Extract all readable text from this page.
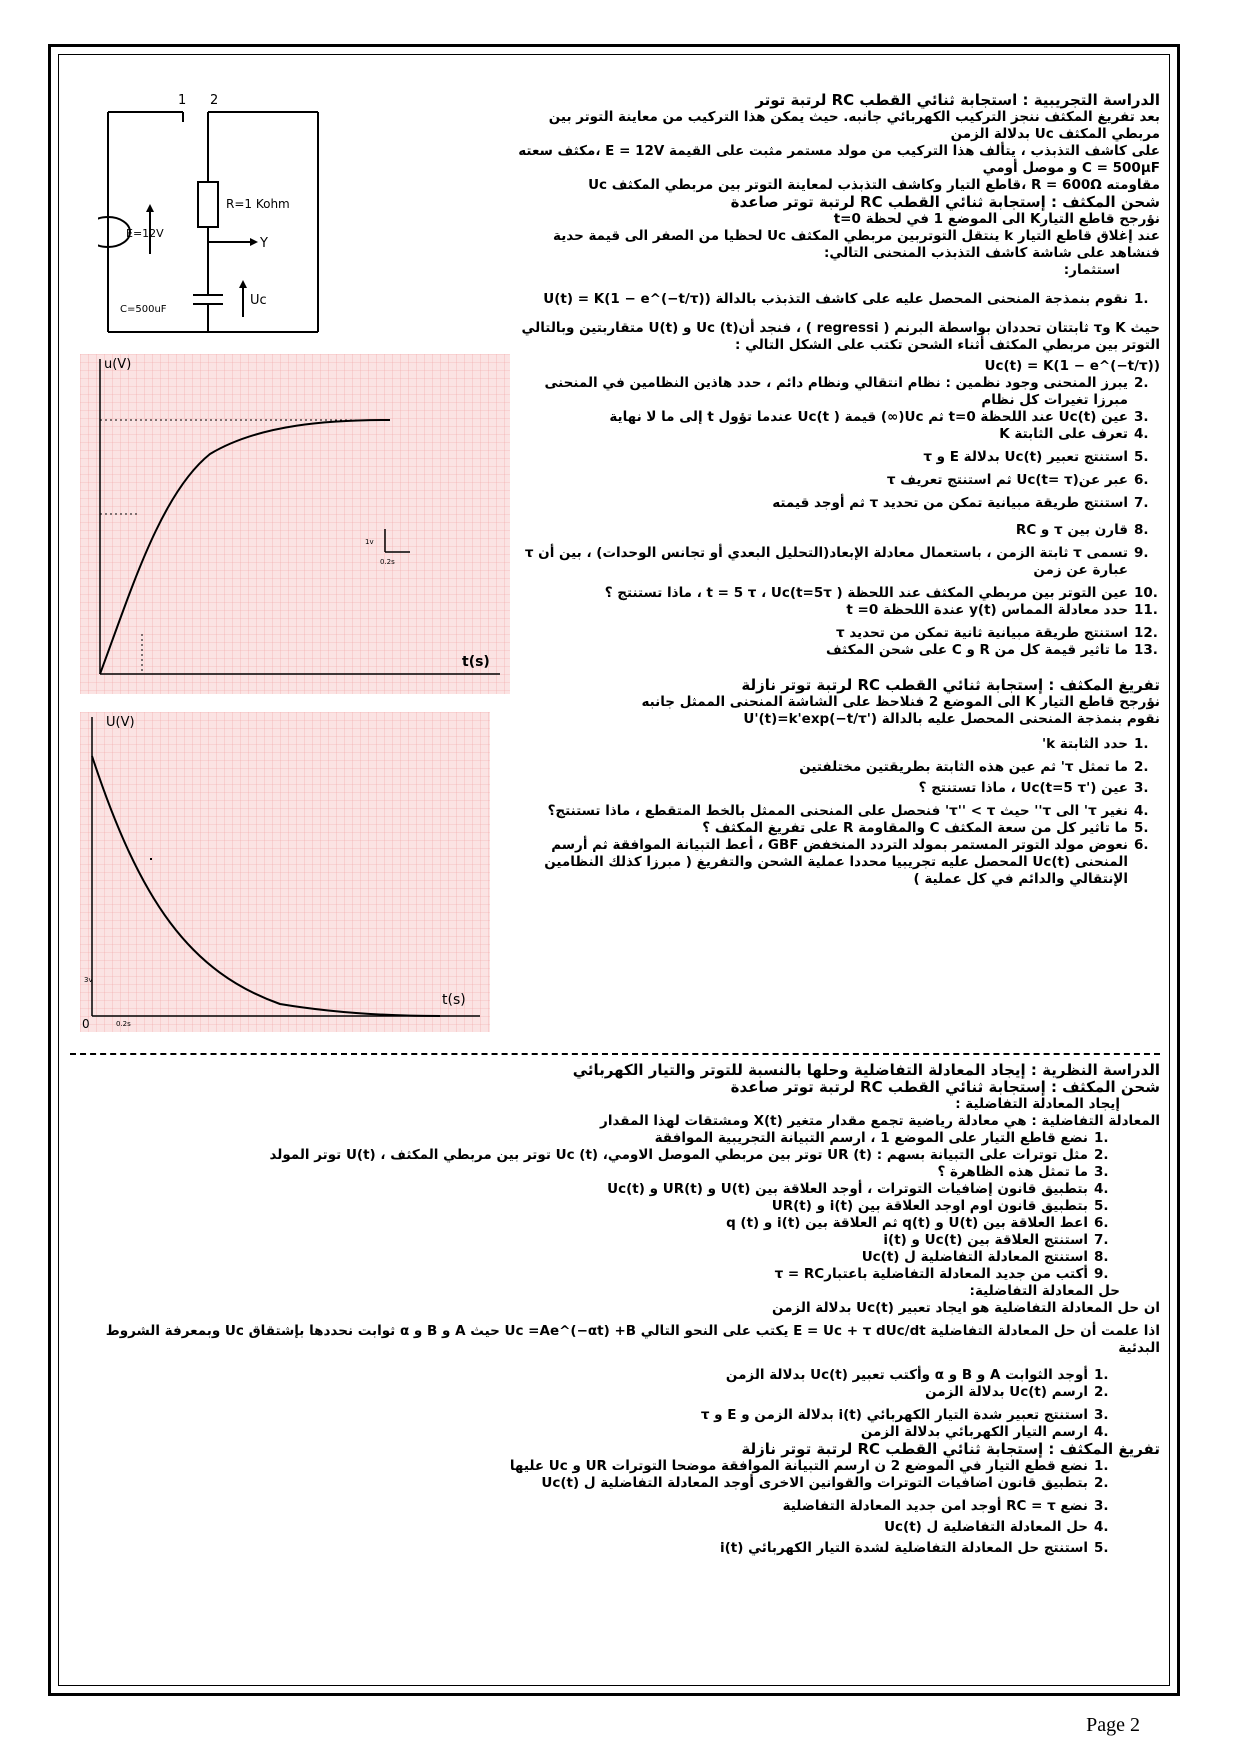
1 2
R=1 Kohm
E=12V
Y
C=500uF
Uc
u(V)
t(s)
1v
0.2s
U(V)
t(s)
0	0.2s
3v

الدراسة التجريبية : استجابة ثنائي القطب RC لرتبة توتر

بعد تفريغ المكثف ننجز التركيب الكهربائي جانبه. حيث يمكن هذا التركيب من معاينة التوتر بين مربطي المكثف Uc بدلالة الزمن

على كاشف التذبذب ، يتألف هذا التركيب من مولد مستمر مثبت على القيمة E = 12V ،مكثف سعته C = 500μF و موصل أومي

مقاومته R = 600Ω ،قاطع التيار وكاشف التذبذب لمعاينة التوتر بين مربطي المكثف Uc

شحن المكثف : إستجابة ثنائي القطب RC لرتبة توتر صاعدة

نؤرجح قاطع التيارK الى الموضع 1 في لحظة t=0

عند إغلاق قاطع التيار k ينتقل التوتربين مربطي المكثف Uc لحظيا من الصفر الى قيمة حدية فنشاهد على شاشة كاشف التذبذب المنحنى التالي:

استثمار:

.1
نقوم بنمذجة المنحنى المحصل عليه على كاشف التذبذب بالدالة U(t) = K(1 − e^(−t/τ))

حيث K وτ ثابتتان تحددان بواسطة البرنم ( regressi ) ، فنجد أنUc (t) و U(t) متقاربتين وبالتالي التوتر بين مربطي المكثف أثناء الشحن تكتب على الشكل التالي :

Uc(t) = K(1 − e^(−t/τ))

.2
يبرز المنحنى وجود نظمين : نظام انتقالي ونظام دائم ، حدد هاذين النظامين في المنحنى مبرزا تغيرات كل نظام
.3
عين Uc(t) عند اللحظة t=0 ثم Uc(∞) قيمة ( Uc(t عندما تؤول t إلى ما لا نهاية
.4
تعرف على الثابتة K
.5
استنتج تعبير Uc(t) بدلالة E و τ
.6
عبر عنUc(t= τ) ثم استنتج تعريف τ
.7
استنتج طريقة مبيانية تمكن من تحديد τ ثم أوجد قيمته
.8
قارن بين τ و RC
.9
تسمى τ ثابتة الزمن ، باستعمال معادلة الإبعاد(التحليل البعدي أو تجانس الوحدات) ، بين أن τ عبارة عن زمن
.10
عين التوتر بين مربطي المكثف عند اللحظة t = 5 τ ، Uc(t=5τ ) ، ماذا تستنتج ؟
.11
حدد معادلة المماس y(t) عندة اللحظة t =0
.12
استنتج طريقة مبيانية ثانية تمكن من تحديد τ
.13
ما تاثير قيمة كل من R و C على شحن المكثف

تفريغ المكثف : إستجابة ثنائي القطب RC لرتبة توتر نازلة

نؤرجح قاطع التيار K الى الموضع 2 فنلاحظ على الشاشة المنحنى الممثل جانبه

نقوم بنمذجة المنحنى المحصل عليه بالدالة U'(t)=k'exp(−t/τ')

.1
حدد الثابتة k'
.2
ما تمثل τ' ثم عين هذه الثابتة بطريقتين مختلفتين
.3
عين Uc(t=5 τ') ، ماذا تستنتج ؟
.4
نغير τ' الى τ'' حيث τ'' < τ' فنحصل على المنحنى الممثل بالخط المتقطع ، ماذا تستنتج؟
.5
ما تاثير كل من سعة المكثف C والمقاومة R على تفريغ المكثف ؟
.6
نعوض مولد التوتر المستمر بمولد التردد المنخفض GBF ، أعط التبيانة الموافقة ثم أرسم المنحنى Uc(t) المحصل عليه تجريبيا محددا عملية الشحن والتفريغ ( مبرزا كذلك النظامين الإنتقالي والدائم في كل عملية )

الدراسة النظرية : إيجاد المعادلة التفاضلية وحلها بالنسبة للتوتر والتيار الكهربائي

شحن المكثف : إستجابة ثنائي القطب RC لرتبة توتر صاعدة

إيجاد المعادلة التفاضلية :

المعادلة التفاضلية : هي معادلة رياضية تجمع مقدار متغير X(t) ومشتقات لهذا المقدار

.1
نضع قاطع التيار على الموضع 1 ، ارسم التبيانة التجريبية الموافقة
.2
مثل توترات على التبيانة بسهم : UR (t) توتر بين مربطي الموصل الاومي، Uc (t) توتر بين مربطي المكثف ، U(t) توتر المولد
.3
ما تمثل هذه الظاهرة ؟
.4
بتطبيق قانون إضافيات التوترات ، أوجد العلاقة بين U(t) و UR(t) و Uc(t)
.5
بتطبيق قانون اوم اوجد العلاقة بين i(t) و UR(t)
.6
اعط العلاقة بين U(t) و q(t) ثم العلاقة بين i(t) و q (t)
.7
استنتج العلاقة بين Uc(t) و i(t)
.8
استنتج المعادلة التفاضلية ل Uc(t)
.9
أكتب من جديد المعادلة التفاضلية باعتبارτ = RC

حل المعادلة التفاضلية:

ان حل المعادلة التفاضلية هو ايجاد تعبير Uc(t) بدلالة الزمن

اذا علمت أن حل المعادلة التفاضلية E = Uc + τ dUc/dt يكتب على النحو التالي Uc =Ae^(−αt) +B حيث A و B و α ثوابت نحددها بإشتقاق Uc وبمعرفة الشروط البدئية

.1
أوجد الثوابت A و B و α وأكتب تعبير Uc(t) بدلالة الزمن
.2
ارسم Uc(t) بدلالة الزمن
.3
استنتج تعبير شدة التيار الكهربائي i(t) بدلالة الزمن و E و τ
.4
ارسم التيار الكهربائي بدلالة الزمن

تفريغ المكثف : إستجابة ثنائي القطب RC لرتبة توتر نازلة

.1
نضع قطع التيار في الموضع 2 ن ارسم التبيانة الموافقة موضحا التوترات UR و Uc عليها
.2
بتطبيق قانون اضافيات التوترات والقوانين الاخرى أوجد المعادلة التفاضلية ل Uc(t)
.3
نضع RC = τ أوجد امن جديد المعادلة التفاضلية
.4
حل المعادلة التفاضلية ل Uc(t)
.5
استنتج حل المعادلة التفاضلية لشدة التيار الكهربائي i(t)
Page 2
